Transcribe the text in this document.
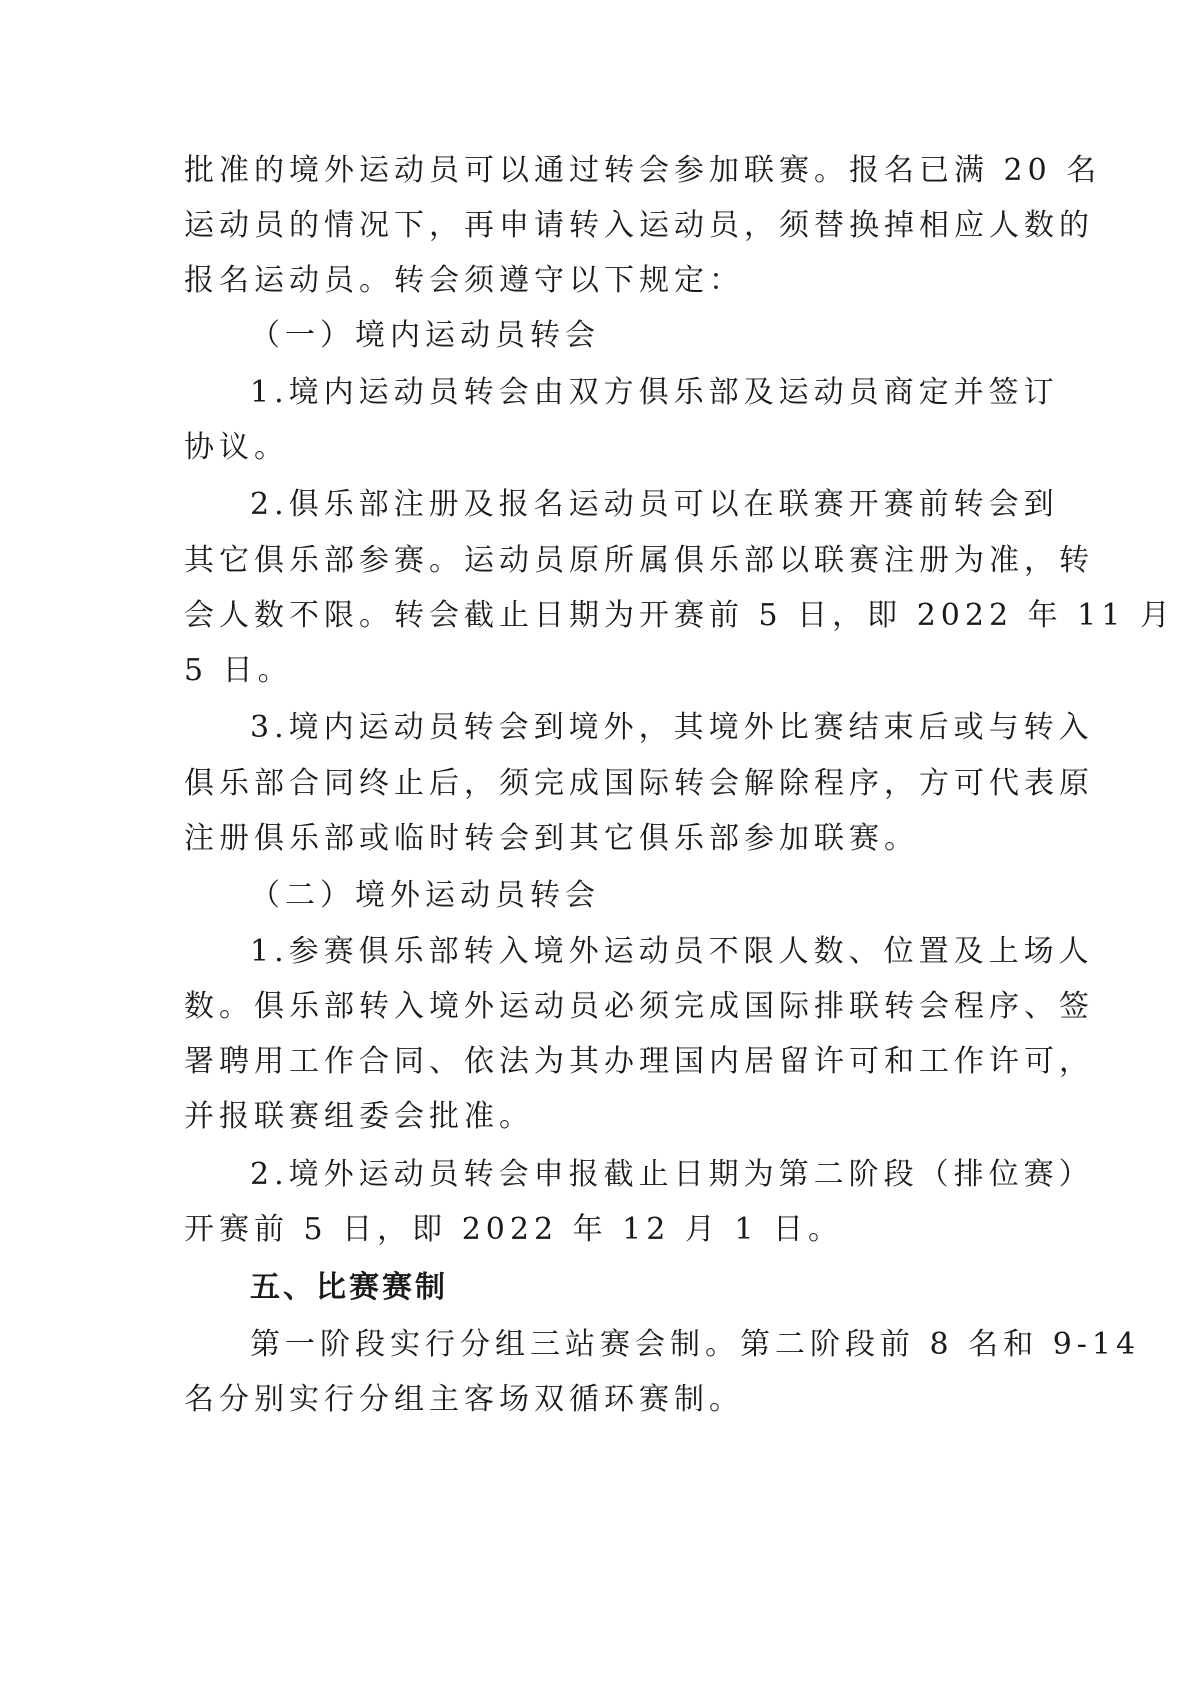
批准的境外运动员可以通过转会参加联赛。报名已满 20 名
运动员的情况下，再申请转入运动员，须替换掉相应人数的
报名运动员。转会须遵守以下规定：
（一）境内运动员转会
1.境内运动员转会由双方俱乐部及运动员商定并签订
协议。
2.俱乐部注册及报名运动员可以在联赛开赛前转会到
其它俱乐部参赛。运动员原所属俱乐部以联赛注册为准，转
会人数不限。转会截止日期为开赛前 5 日，即 2022 年 11 月
5 日。
3.境内运动员转会到境外，其境外比赛结束后或与转入
俱乐部合同终止后，须完成国际转会解除程序，方可代表原
注册俱乐部或临时转会到其它俱乐部参加联赛。
（二）境外运动员转会
1.参赛俱乐部转入境外运动员不限人数、位置及上场人
数。俱乐部转入境外运动员必须完成国际排联转会程序、签
署聘用工作合同、依法为其办理国内居留许可和工作许可，
并报联赛组委会批准。
2.境外运动员转会申报截止日期为第二阶段（排位赛）
开赛前 5 日，即 2022 年 12 月 1 日。
五、比赛赛制
第一阶段实行分组三站赛会制。第二阶段前 8 名和 9-14
名分别实行分组主客场双循环赛制。
